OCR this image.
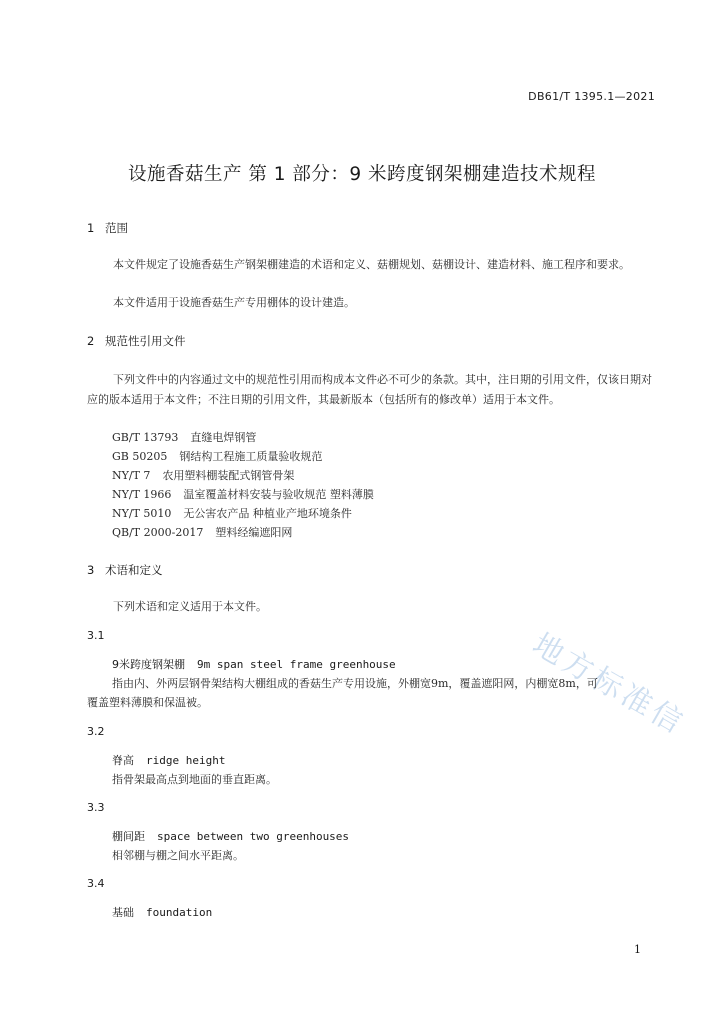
DB61/T 1395.1—2021
设施香菇生产 第 1 部分：9 米跨度钢架棚建造技术规程
地方标准信
1 范围
本文件规定了设施香菇生产钢架棚建造的术语和定义、菇棚规划、菇棚设计、建造材料、施工程序和要求。
本文件适用于设施香菇生产专用棚体的设计建造。
2 规范性引用文件
下列文件中的内容通过文中的规范性引用而构成本文件必不可少的条款。其中，注日期的引用文件，仅该日期对应的版本适用于本文件；不注日期的引用文件，其最新版本（包括所有的修改单）适用于本文件。
GB/T 13793 直缝电焊钢管
GB 50205 钢结构工程施工质量验收规范
NY/T 7 农用塑料棚装配式钢管骨架
NY/T 1966 温室覆盖材料安装与验收规范 塑料薄膜
NY/T 5010 无公害农产品 种植业产地环境条件
QB/T 2000-2017 塑料经编遮阳网
3 术语和定义
下列术语和定义适用于本文件。
3.1
9米跨度钢架棚 9m span steel frame greenhouse
指由内、外两层钢骨架结构大棚组成的香菇生产专用设施，外棚宽9m，覆盖遮阳网，内棚宽8m，可
覆盖塑料薄膜和保温被。
3.2
脊高 ridge height
指骨架最高点到地面的垂直距离。
3.3
棚间距 space between two greenhouses
相邻棚与棚之间水平距离。
3.4
基础 foundation
1
